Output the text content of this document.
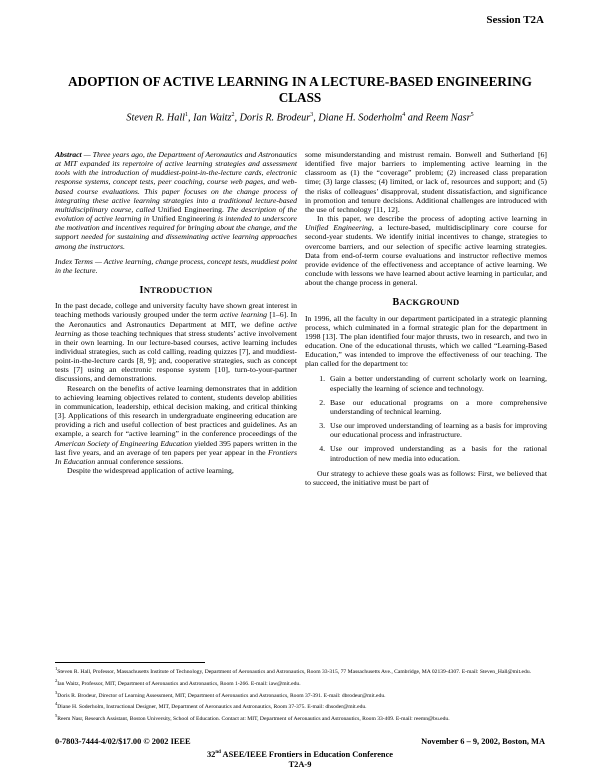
Session T2A
ADOPTION OF ACTIVE LEARNING IN A LECTURE-BASED ENGINEERING CLASS
Steven R. Hall$^1$, Ian Waitz$^2$, Doris R. Brodeur$^3$, Diane H. Soderholm$^4$ and Reem Nasr$^5$

Abstract — Three years ago, the Department of Aeronautics and Astronautics at MIT expanded its repertoire of active learning strategies and assessment tools with the introduction of muddiest-point-in-the-lecture cards, electronic response systems, concept tests, peer coaching, course web pages, and web-based course evaluations. This paper focuses on the change process of integrating these active learning strategies into a traditional lecture-based multidisciplinary course, called Unified Engineering. The description of the evolution of active learning in Unified Engineering is intended to underscore the motivation and incentives required for bringing about the change, and the support needed for sustaining and disseminating active learning approaches among the instructors.

Index Terms — Active learning, change process, concept tests, muddiest point in the lecture.

INTRODUCTION

In the past decade, college and university faculty have shown great interest in teaching methods variously grouped under the term active learning [1–6]. In the Aeronautics and Astronautics Department at MIT, we define active learning as those teaching techniques that stress students’ active involvement in their own learning. In our lecture-based courses, active learning includes individual strategies, such as cold calling, reading quizzes [7], and muddiest-point-in-the-lecture cards [8, 9]; and, cooperative strategies, such as concept tests [7] using an electronic response system [10], turn-to-your-partner discussions, and demonstrations.

Research on the benefits of active learning demonstrates that in addition to achieving learning objectives related to content, students develop abilities in communication, leadership, ethical decision making, and critical thinking [3]. Applications of this research in undergraduate engineering education are providing a rich and useful collection of best practices and guidelines. As an example, a search for “active learning” in the conference proceedings of the American Society of Engineering Education yielded 395 papers written in the last five years, and an average of ten papers per year appear in the Frontiers In Education annual conference sessions.

Despite the widespread application of active learning,

some misunderstanding and mistrust remain. Bonwell and Sutherland [6] identified five major barriers to implementing active learning in the classroom as (1) the “coverage” problem; (2) increased class preparation time; (3) large classes; (4) limited, or lack of, resources and support; and (5) the risks of colleagues’ disapproval, student dissatisfaction, and significance in promotion and tenure decisions. Additional challenges are introduced with the use of technology [11, 12].

In this paper, we describe the process of adopting active learning in Unified Engineering, a lecture-based, multidisciplinary core course for second-year students. We identify initial incentives to change, strategies to overcome barriers, and our selection of specific active learning strategies. Data from end-of-term course evaluations and instructor reflective memos provide evidence of the effectiveness and acceptance of active learning. We conclude with lessons we have learned about active learning in particular, and about the change process in general.

BACKGROUND

In 1996, all the faculty in our department participated in a strategic planning process, which culminated in a formal strategic plan for the department in 1998 [13]. The plan identified four major thrusts, two in research, and two in education. One of the educational thrusts, which we called “Learning-Based Education,” was intended to improve the effectiveness of our teaching. The plan called for the department to:

1. Gain a better understanding of current scholarly work on learning, especially the learning of science and technology.
2. Base our educational programs on a more comprehensive understanding of technical learning.
3. Use our improved understanding of learning as a basis for improving our educational process and infrastructure.
4. Use our improved understanding as a basis for the rational introduction of new media into education.

Our strategy to achieve these goals was as follows: First, we believed that to succeed, the initiative must be part of

$^1$Steven R. Hall, Professor, Massachusetts Institute of Technology, Department of Aeronautics and Astronautics, Room 33-315, 77 Massachusetts Ave., Cambridge, MA 02139-4307. E-mail: Steven_Hall@mit.edu.

$^2$Ian Waitz, Professor, MIT, Department of Aeronautics and Astronautics, Room 1-266. E-mail: iaw@mit.edu.

$^3$Doris R. Brodeur, Director of Learning Assessment, MIT, Department of Aeronautics and Astronautics, Room 37-391. E-mail: dbrodeur@mit.edu.

$^4$Diane H. Soderholm, Instructional Designer, MIT, Department of Aeronautics and Astronautics, Room 37-375. E-mail: dhsoder@mit.edu.

$^5$Reem Nasr, Research Assistant, Boston University, School of Education. Contact at: MIT, Department of Aeronautics and Astronautics, Room 33-409. E-mail: reemn@bu.edu.

0-7803-7444-4/02/$17.00 © 2002 IEEE	November 6 – 9, 2002, Boston, MA
32nd ASEE/IEEE Frontiers in Education Conference
T2A-9
